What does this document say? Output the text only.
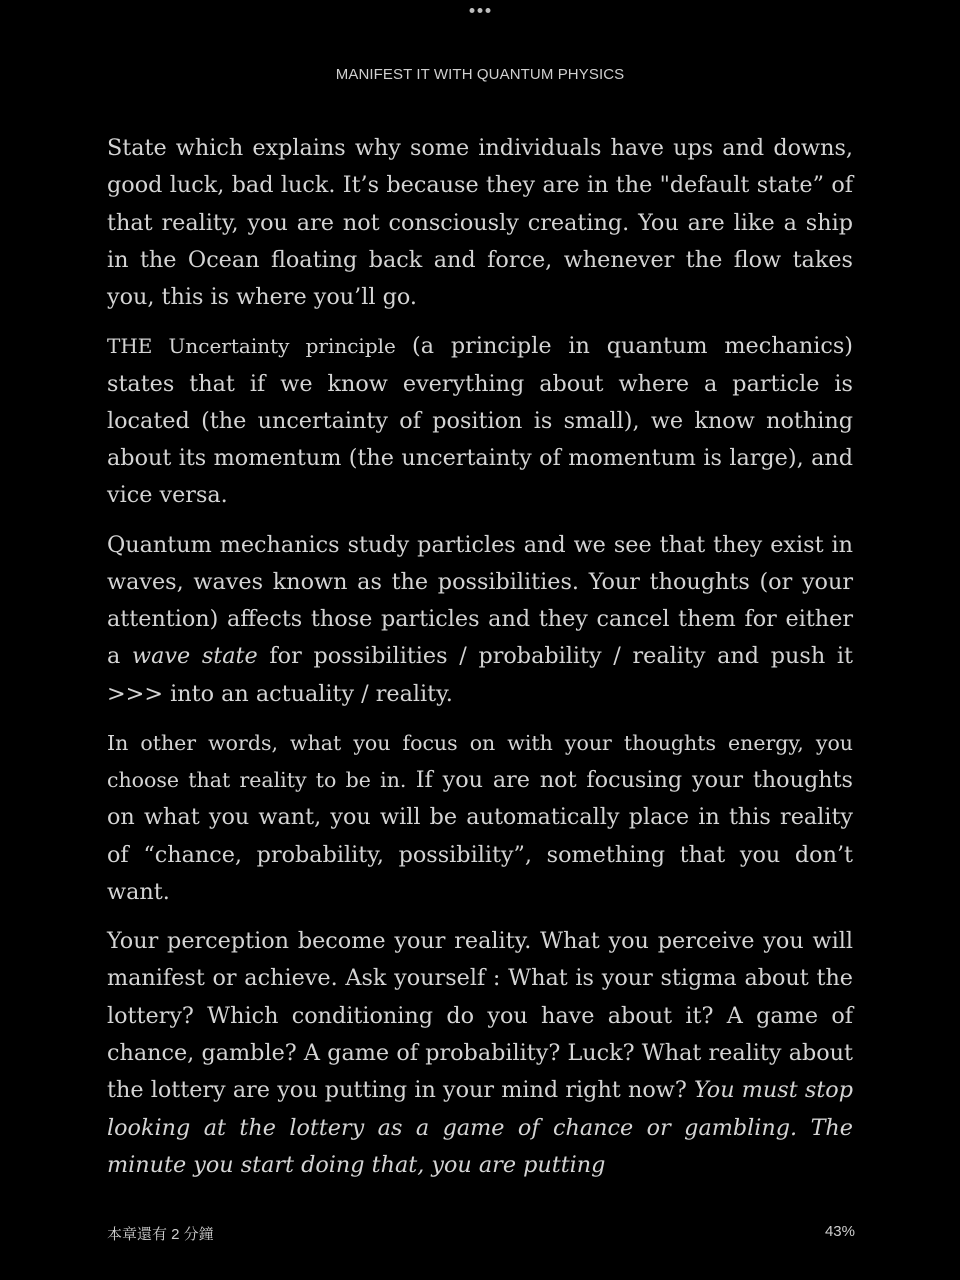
MANIFEST IT WITH QUANTUM PHYSICS

State which explains why some individuals have ups and downs, good luck, bad luck. It’s because they are in the "default state” of that reality, you are not consciously creating. You are like a ship in the Ocean floating back and force, whenever the flow takes you, this is where you’ll go.

THE Uncertainty principle (a principle in quantum mechanics) states that if we know everything about where a particle is located (the uncertainty of position is small), we know nothing about its momentum (the uncertainty of momentum is large), and vice versa.

Quantum mechanics study particles and we see that they exist in waves, waves known as the possibilities. Your thoughts (or your attention) affects those particles and they cancel them for either a wave state for possibilities / probability / reality and push it >>> into an actuality / reality.

In other words, what you focus on with your thoughts energy, you choose that reality to be in. If you are not focusing your thoughts on what you want, you will be automatically place in this reality of “chance, probability, possibility”, something that you don’t want.

Your perception become your reality. What you perceive you will manifest or achieve. Ask yourself : What is your stigma about the lottery? Which conditioning do you have about it? A game of chance, gamble? A game of probability? Luck? What reality about the lottery are you putting in your mind right now? You must stop looking at the lottery as a game of chance or gambling. The minute you start doing that, you are putting

本章還有 2 分鐘	43%
